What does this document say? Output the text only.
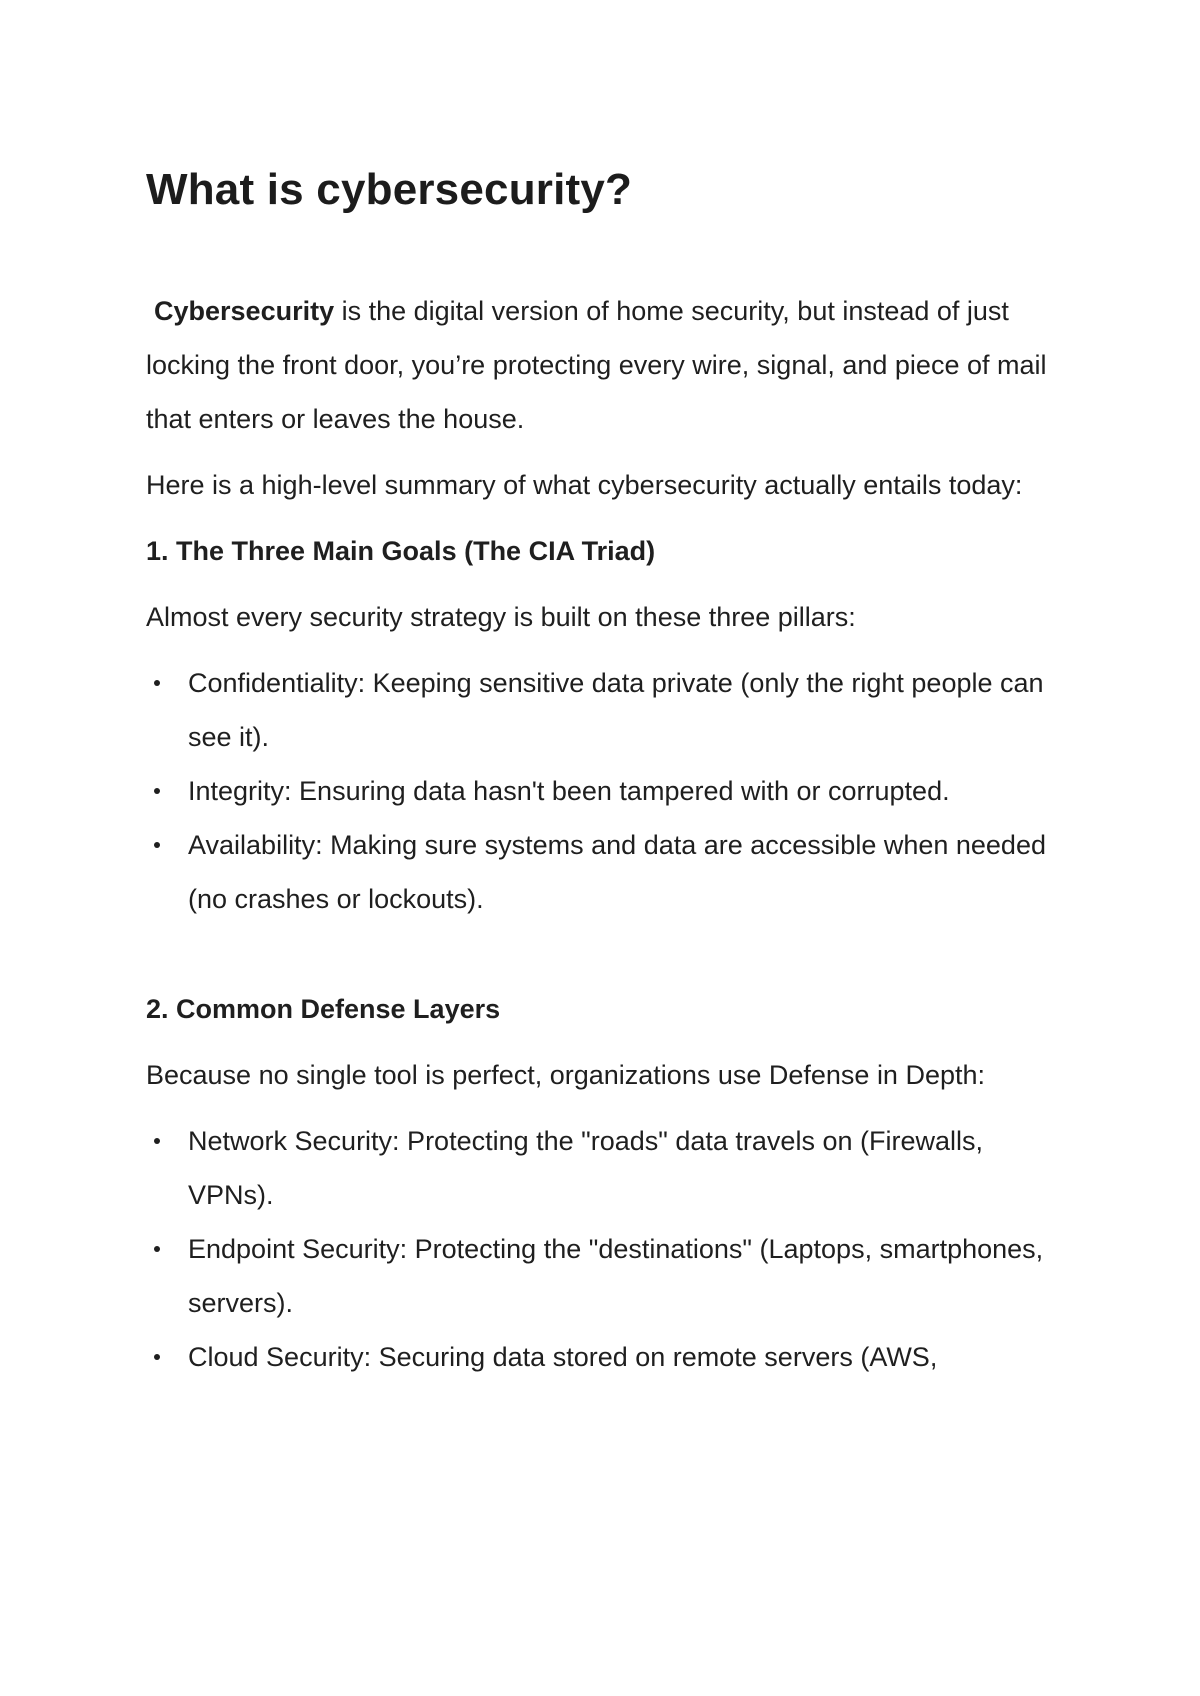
What is cybersecurity?

Cybersecurity is the digital version of home security, but instead of just locking the front door, you’re protecting every wire, signal, and piece of mail that enters or leaves the house.

Here is a high-level summary of what cybersecurity actually entails today:

1. The Three Main Goals (The CIA Triad)

Almost every security strategy is built on these three pillars:

Confidentiality: Keeping sensitive data private (only the right people can see it).
Integrity: Ensuring data hasn't been tampered with or corrupted.
Availability: Making sure systems and data are accessible when needed (no crashes or lockouts).
2. Common Defense Layers

Because no single tool is perfect, organizations use Defense in Depth:

Network Security: Protecting the "roads" data travels on (Firewalls, VPNs).
Endpoint Security: Protecting the "destinations" (Laptops, smartphones, servers).
Cloud Security: Securing data stored on remote servers (AWS,
